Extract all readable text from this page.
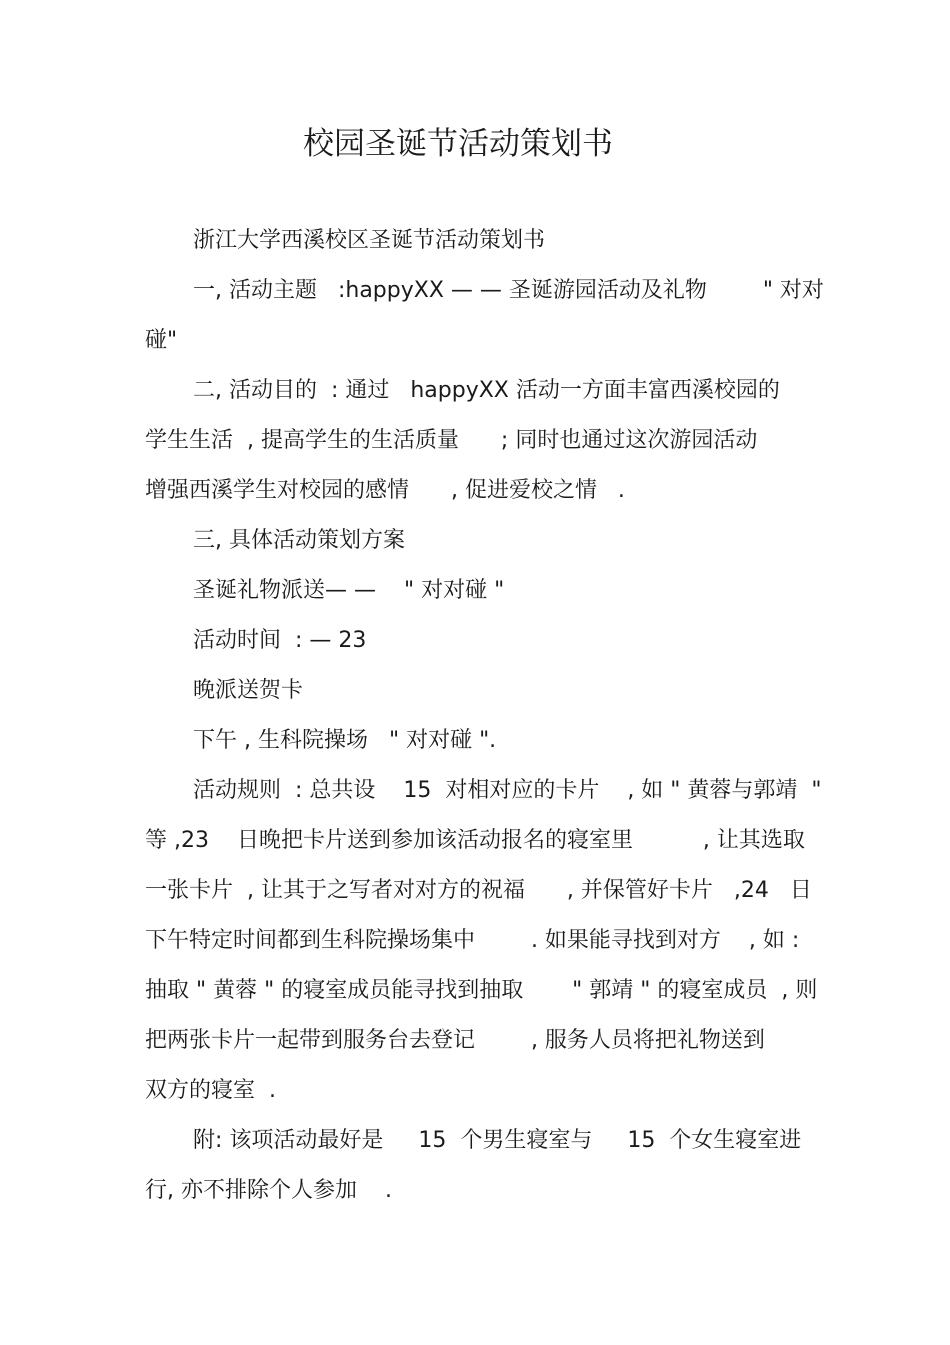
校园圣诞节活动策划书

浙江大学西溪校区圣诞节活动策划书

一, 活动主题   :happyXX — — 圣诞游园活动及礼物        " 对对

碰"

二, 活动目的  : 通过   happyXX 活动一方面丰富西溪校园的

学生生活  , 提高学生的生活质量      ; 同时也通过这次游园活动

增强西溪学生对校园的感情      , 促进爱校之情   .

三, 具体活动策划方案

圣诞礼物派送— —    " 对对碰 "

活动时间  : — 23

晚派送贺卡

下午 , 生科院操场   " 对对碰 ".

活动规则  : 总共设    15  对相对应的卡片    , 如 " 黄蓉与郭靖  "

等 ,23    日晚把卡片送到参加该活动报名的寝室里          , 让其选取

一张卡片  , 让其于之写者对对方的祝福      , 并保管好卡片   ,24   日

下午特定时间都到生科院操场集中        . 如果能寻找到对方    , 如 :

抽取 " 黄蓉 " 的寝室成员能寻找到抽取       " 郭靖 " 的寝室成员  , 则

把两张卡片一起带到服务台去登记        , 服务人员将把礼物送到

双方的寝室  .

附: 该项活动最好是     15  个男生寝室与     15  个女生寝室进

行, 亦不排除个人参加    .
